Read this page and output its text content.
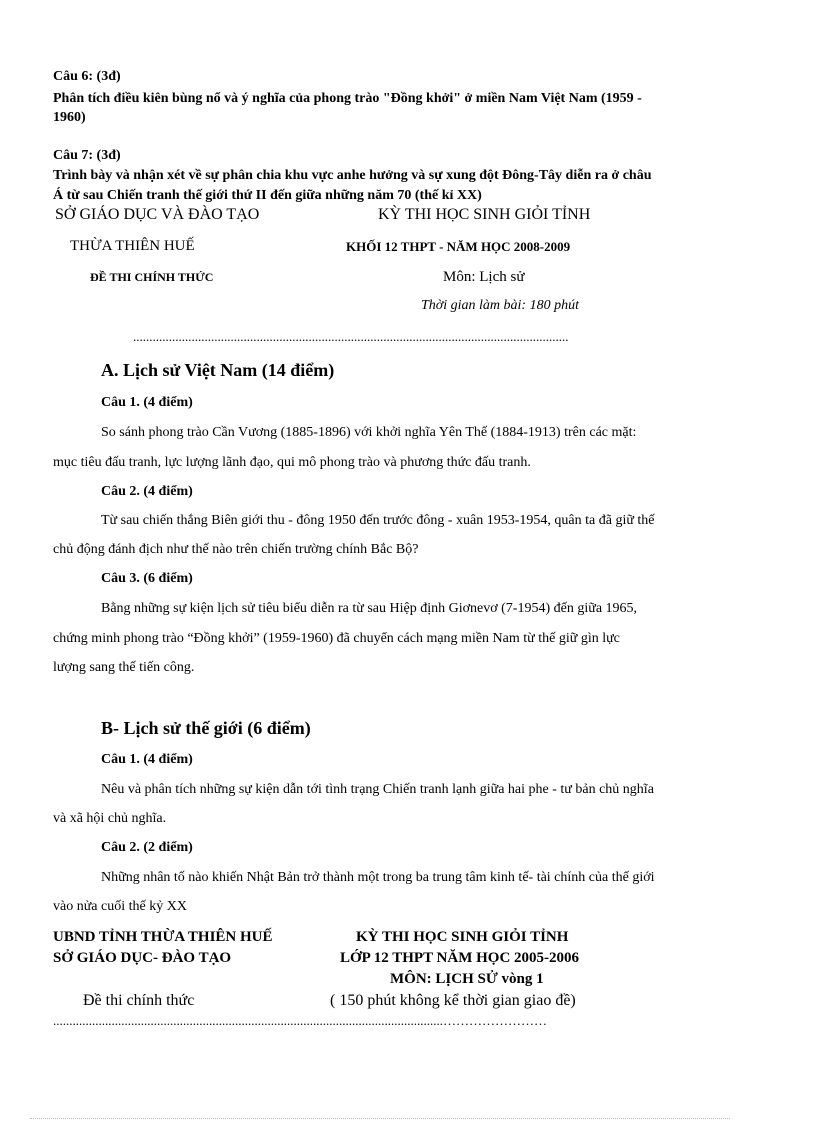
Câu 6: (3đ)
Phân tích điều kiên bùng nổ và ý nghĩa của phong trào "Đồng khởi" ở miền Nam Việt Nam (1959 -
1960)
Câu 7: (3đ)
Trình bày và nhận xét về sự phân chia khu vực anhe hưởng và sự xung đột Đông-Tây diễn ra ở châu
Á từ sau Chiến tranh thế giới thứ II đến giữa những năm 70 (thế kỉ XX)
SỞ GIÁO DỤC VÀ ĐÀO TẠO	KỲ THI HỌC SINH GIỎI TỈNH
THỪA THIÊN HUẾ	KHỐI 12 THPT - NĂM HỌC 2008-2009
ĐỀ THI CHÍNH THỨC	Môn: Lịch sử
Thời gian làm bài: 180 phút
......................................................................................................................................
A. Lịch sử Việt Nam (14 điểm)
Câu 1. (4 điểm)
So sánh phong trào Cần Vương (1885-1896) với khởi nghĩa Yên Thế (1884-1913) trên các mặt:
mục tiêu đấu tranh, lực lượng lãnh đạo, qui mô phong trào và phương thức đấu tranh.
Câu 2. (4 điểm)
Từ sau chiến thắng Biên giới thu - đông 1950 đến trước đông - xuân 1953-1954, quân ta đã giữ thế
chủ động đánh địch như thế nào trên chiến trường chính Bắc Bộ?
Câu 3. (6 điểm)
Bằng những sự kiện lịch sử tiêu biểu diễn ra từ sau Hiệp định Giơnevơ (7-1954) đến giữa 1965,
chứng minh phong trào “Đồng khởi” (1959-1960) đã chuyển cách mạng miền Nam từ thế giữ gìn lực
lượng sang thế tiến công.
B- Lịch sử thế giới (6 điểm)
Câu 1. (4 điểm)
Nêu và phân tích những sự kiện dẫn tới tình trạng Chiến tranh lạnh giữa hai phe - tư bản chủ nghĩa
và xã hội chủ nghĩa.
Câu 2. (2 điểm)
Những nhân tố nào khiến Nhật Bản trở thành một trong ba trung tâm kinh tế- tài chính của thế giới
vào nửa cuối thế kỷ XX
UBND TỈNH THỪA THIÊN HUẾ	KỲ THI HỌC SINH GIỎI TỈNH
SỞ GIÁO DỤC- ĐÀO TẠO	LỚP 12 THPT NĂM HỌC 2005-2006
MÔN: LỊCH SỬ vòng 1
Đề thi chính thức	( 150 phút không kể thời gian giao đề)
........................................................................................................................……………………
